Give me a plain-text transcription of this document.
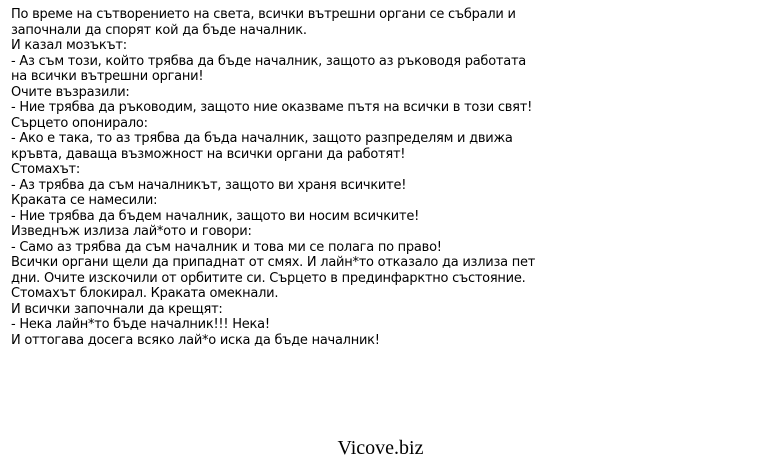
По време на сътворението на света, всички вътрешни органи се събрали и
започнали да спорят кой да бъде началник.
И казал мозъкът:
- Аз съм този, който трябва да бъде началник, защото аз ръководя работата
на всички вътрешни органи!
Очите възразили:
- Ние трябва да ръководим, защото ние оказваме пътя на всички в този свят!
Сърцето опонирало:
- Ако е така, то аз трябва да бъда началник, защото разпределям и движа
кръвта, даваща възможност на всички органи да работят!
Стомахът:
- Аз трябва да съм началникът, защото ви храня всичките!
Краката се намесили:
- Ние трябва да бъдем началник, защото ви носим всичките!
Изведнъж излиза лай*ото и говори:
- Само аз трябва да съм началник и това ми се полага по право!
Всички органи щели да припаднат от смях. И лайн*то отказало да излиза пет
дни. Очите изскочили от орбитите си. Сърцето в прединфарктно състояние.
Стомахът блокирал. Краката омекнали.
И всички започнали да крещят:
- Нека лайн*то бъде началник!!! Нека!
И оттогава досега всяко лай*о иска да бъде началник!
Vicove.biz
